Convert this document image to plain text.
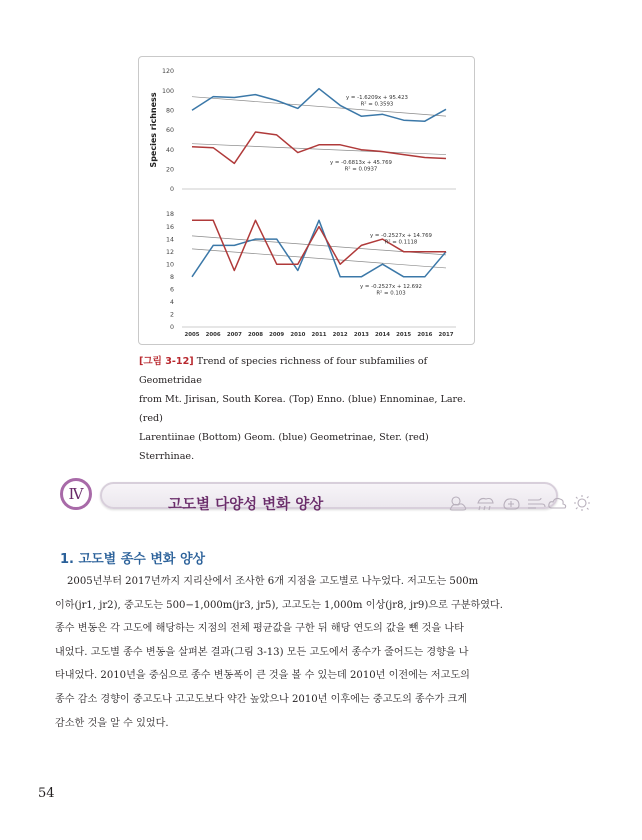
0
20
40
60
80
100
120
Species richness	y = -1.6209x + 95.423
R² = 0.3593
y = -0.6813x + 45.769
R² = 0.0937
0
2
4
6
8
10
12
14
16
18
2005 2006 2007 2008 2009 2010 2011 2012 2013 2014 2015 2016 2017
y = -0.2527x + 14.769
R² = 0.1118
y = -0.2527x + 12.692
R² = 0.103
[그림 3-12] Trend of species richness of four subfamilies of Geometridae
from Mt. Jirisan, South Korea. (Top) Enno. (blue) Ennominae, Lare. (red)
Larentiinae (Bottom) Geom. (blue) Geometrinae, Ster. (red) Sterrhinae.
고도별 다양성 변화 양상
Ⅳ
1. 고도별 종수 변화 양상
2005년부터 2017년까지 지리산에서 조사한 6개 지점을 고도별로 나누었다. 저고도는 500m
이하(jr1, jr2), 중고도는 500−1,000m(jr3, jr5), 고고도는 1,000m 이상(jr8, jr9)으로 구분하였다.
종수 변동은 각 고도에 해당하는 지점의 전체 평균값을 구한 뒤 해당 연도의 값을 뺀 것을 나타
내었다. 고도별 종수 변동을 살펴본 결과(그림 3-13) 모든 고도에서 종수가 줄어드는 경향을 나
타내었다. 2010년을 중심으로 종수 변동폭이 큰 것을 볼 수 있는데 2010년 이전에는 저고도의
종수 감소 경향이 중고도나 고고도보다 약간 높았으나 2010년 이후에는 중고도의 종수가 크게
감소한 것을 알 수 있었다.
54
